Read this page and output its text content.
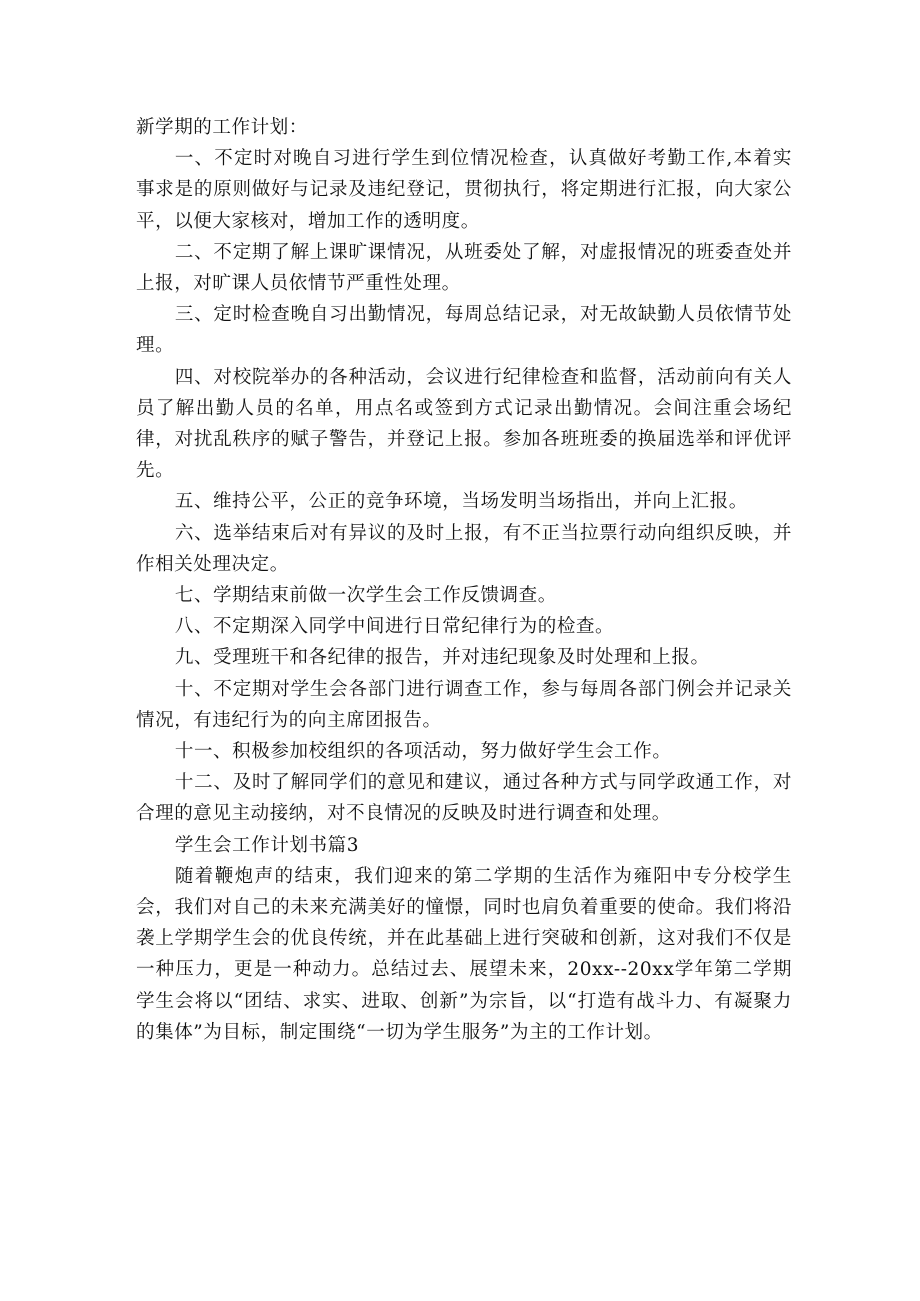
新学期的工作计划：

一、不定时对晚自习进行学生到位情况检查，认真做好考勤工作,本着实事求是的原则做好与记录及违纪登记，贯彻执行，将定期进行汇报，向大家公平，以便大家核对，增加工作的透明度。

二、不定期了解上课旷课情况，从班委处了解，对虚报情况的班委查处并上报，对旷课人员依情节严重性处理。

三、定时检查晚自习出勤情况，每周总结记录，对无故缺勤人员依情节处理。

四、对校院举办的各种活动，会议进行纪律检查和监督，活动前向有关人员了解出勤人员的名单，用点名或签到方式记录出勤情况。会间注重会场纪律，对扰乱秩序的赋子警告，并登记上报。参加各班班委的换届选举和评优评先。

五、维持公平，公正的竞争环境，当场发明当场指出，并向上汇报。

六、选举结束后对有异议的及时上报，有不正当拉票行动向组织反映，并作相关处理决定。

七、学期结束前做一次学生会工作反馈调查。

八、不定期深入同学中间进行日常纪律行为的检查。

九、受理班干和各纪律的报告，并对违纪现象及时处理和上报。

十、不定期对学生会各部门进行调查工作，参与每周各部门例会并记录关情况，有违纪行为的向主席团报告。

十一、积极参加校组织的各项活动，努力做好学生会工作。

十二、及时了解同学们的意见和建议，通过各种方式与同学政通工作，对合理的意见主动接纳，对不良情况的反映及时进行调查和处理。

学生会工作计划书篇3

随着鞭炮声的结束，我们迎来的第二学期的生活作为雍阳中专分校学生会，我们对自己的未来充满美好的憧憬，同时也肩负着重要的使命。我们将沿袭上学期学生会的优良传统，并在此基础上进行突破和创新，这对我们不仅是一种压力，更是一种动力。总结过去、展望未来，20xx--20xx学年第二学期学生会将以“团结、求实、进取、创新”为宗旨，以“打造有战斗力、有凝聚力的集体”为目标，制定围绕“一切为学生服务”为主的工作计划。
